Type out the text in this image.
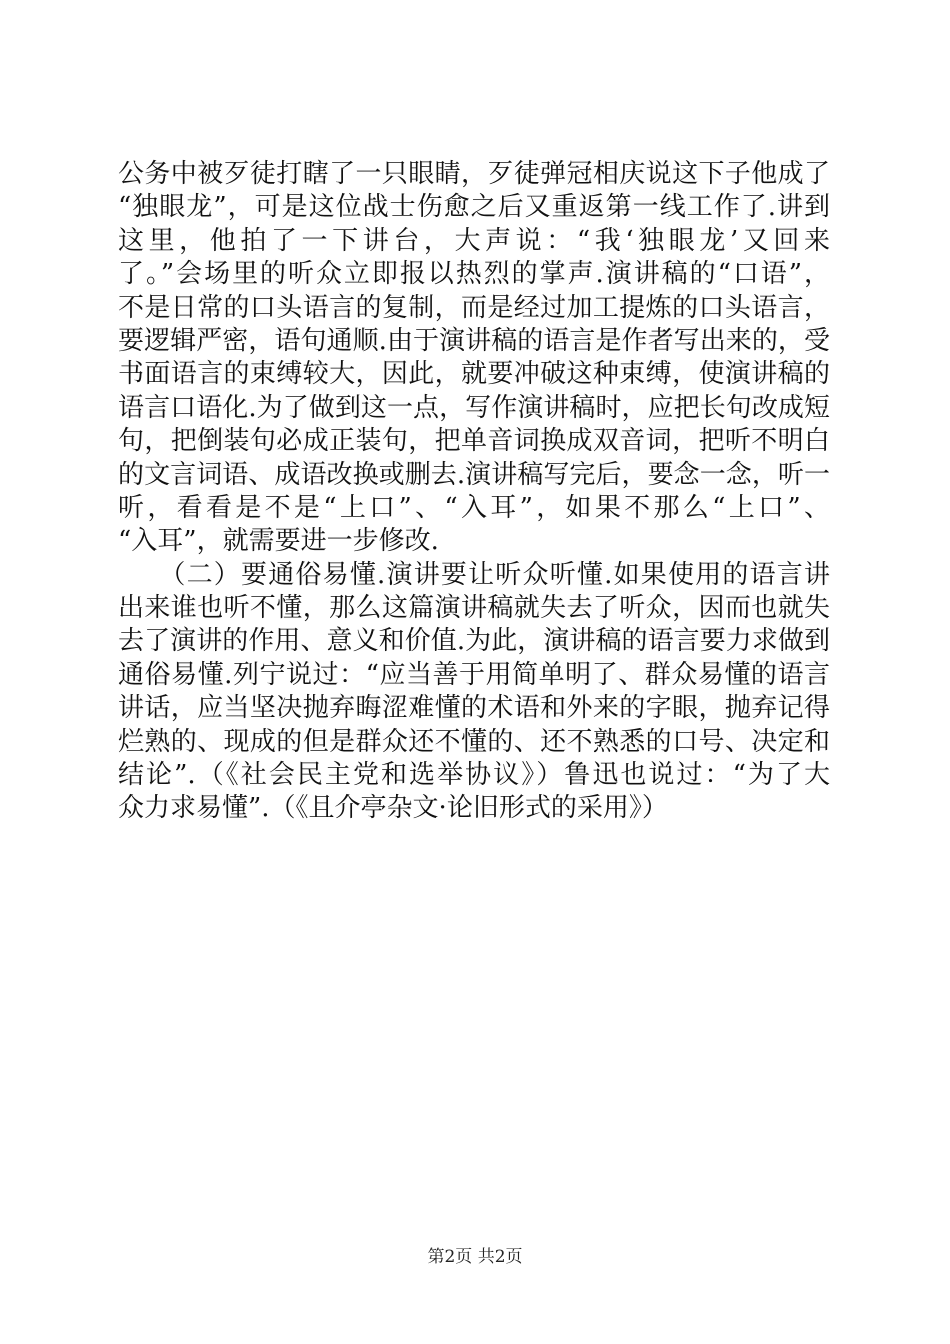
公务中被歹徒打瞎了一只眼睛，歹徒弹冠相庆说这下子他成了
“独眼龙”，可是这位战士伤愈之后又重返第一线工作了.讲到
这里，他拍了一下讲台，大声说：“我‘独眼龙’又回来
了。”会场里的听众立即报以热烈的掌声.演讲稿的“口语”，
不是日常的口头语言的复制，而是经过加工提炼的口头语言，
要逻辑严密，语句通顺.由于演讲稿的语言是作者写出来的，受
书面语言的束缚较大，因此，就要冲破这种束缚，使演讲稿的
语言口语化.为了做到这一点，写作演讲稿时，应把长句改成短
句，把倒装句必成正装句，把单音词换成双音词，把听不明白
的文言词语、成语改换或删去.演讲稿写完后，要念一念，听一
听，看看是不是“上口”、“入耳”，如果不那么“上口”、
“入耳”，就需要进一步修改.
　　（二）要通俗易懂.演讲要让听众听懂.如果使用的语言讲
出来谁也听不懂，那么这篇演讲稿就失去了听众，因而也就失
去了演讲的作用、意义和价值.为此，演讲稿的语言要力求做到
通俗易懂.列宁说过：“应当善于用简单明了、群众易懂的语言
讲话，应当坚决抛弃晦涩难懂的术语和外来的字眼，抛弃记得
烂熟的、现成的但是群众还不懂的、还不熟悉的口号、决定和
结论”.（《社会民主党和选举协议》）鲁迅也说过：“为了大
众力求易懂”.（《且介亭杂文·论旧形式的采用》）
第2页 共2页
